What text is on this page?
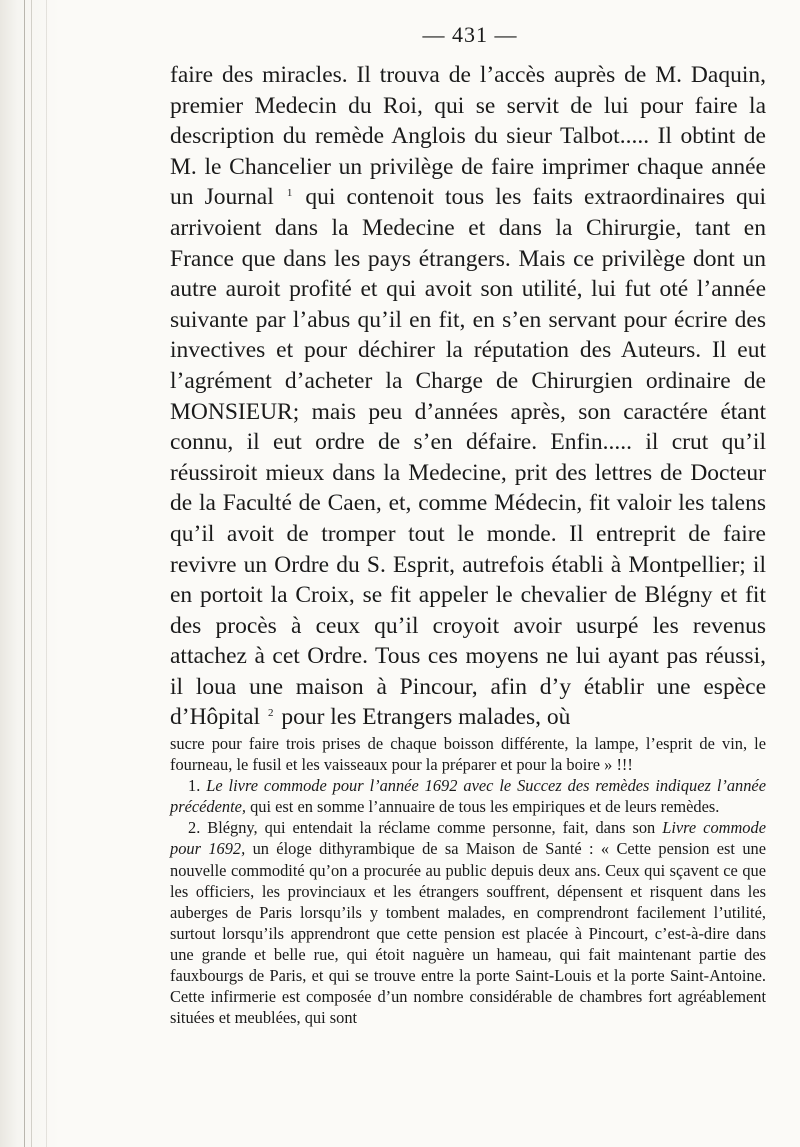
— 431 —

faire des miracles. Il trouva de l’accès auprès de M. Daquin, premier Medecin du Roi, qui se servit de lui pour faire la description du remède Anglois du sieur Talbot..... Il obtint de M. le Chancelier un privilège de faire imprimer chaque année un Journal $^1$ qui contenoit tous les faits extraordinaires qui arrivoient dans la Medecine et dans la Chirurgie, tant en France que dans les pays étrangers. Mais ce privilège dont un autre auroit profité et qui avoit son utilité, lui fut oté l’année suivante par l’abus qu’il en fit, en s’en servant pour écrire des invectives et pour déchirer la réputation des Auteurs. Il eut l’agrément d’acheter la Charge de Chirurgien ordinaire de MONSIEUR; mais peu d’années après, son caractére étant connu, il eut ordre de s’en défaire. Enfin..... il crut qu’il réussiroit mieux dans la Medecine, prit des lettres de Docteur de la Faculté de Caen, et, comme Médecin, fit valoir les talens qu’il avoit de tromper tout le monde. Il entreprit de faire revivre un Ordre du S. Esprit, autrefois établi à Montpellier; il en portoit la Croix, se fit appeler le chevalier de Blégny et fit des procès à ceux qu’il croyoit avoir usurpé les revenus attachez à cet Ordre. Tous ces moyens ne lui ayant pas réussi, il loua une maison à Pincour, afin d’y établir une espèce d’Hôpital $^2$ pour les Etrangers malades, où

sucre pour faire trois prises de chaque boisson différente, la lampe, l’esprit de vin, le fourneau, le fusil et les vaisseaux pour la préparer et pour la boire » !!!

1. Le livre commode pour l’année 1692 avec le Succez des remèdes indiquez l’année précédente, qui est en somme l’annuaire de tous les empiriques et de leurs remèdes.

2. Blégny, qui entendait la réclame comme personne, fait, dans son Livre commode pour 1692, un éloge dithyrambique de sa Maison de Santé : « Cette pension est une nouvelle commodité qu’on a procurée au public depuis deux ans. Ceux qui sçavent ce que les officiers, les provinciaux et les étrangers souffrent, dépensent et risquent dans les auberges de Paris lorsqu’ils y tombent malades, en comprendront facilement l’utilité, surtout lorsqu’ils apprendront que cette pension est placée à Pincourt, c’est-à-dire dans une grande et belle rue, qui étoit naguère un hameau, qui fait maintenant partie des fauxbourgs de Paris, et qui se trouve entre la porte Saint-Louis et la porte Saint-Antoine. Cette infirmerie est composée d’un nombre considérable de chambres fort agréablement situées et meublées, qui sont
